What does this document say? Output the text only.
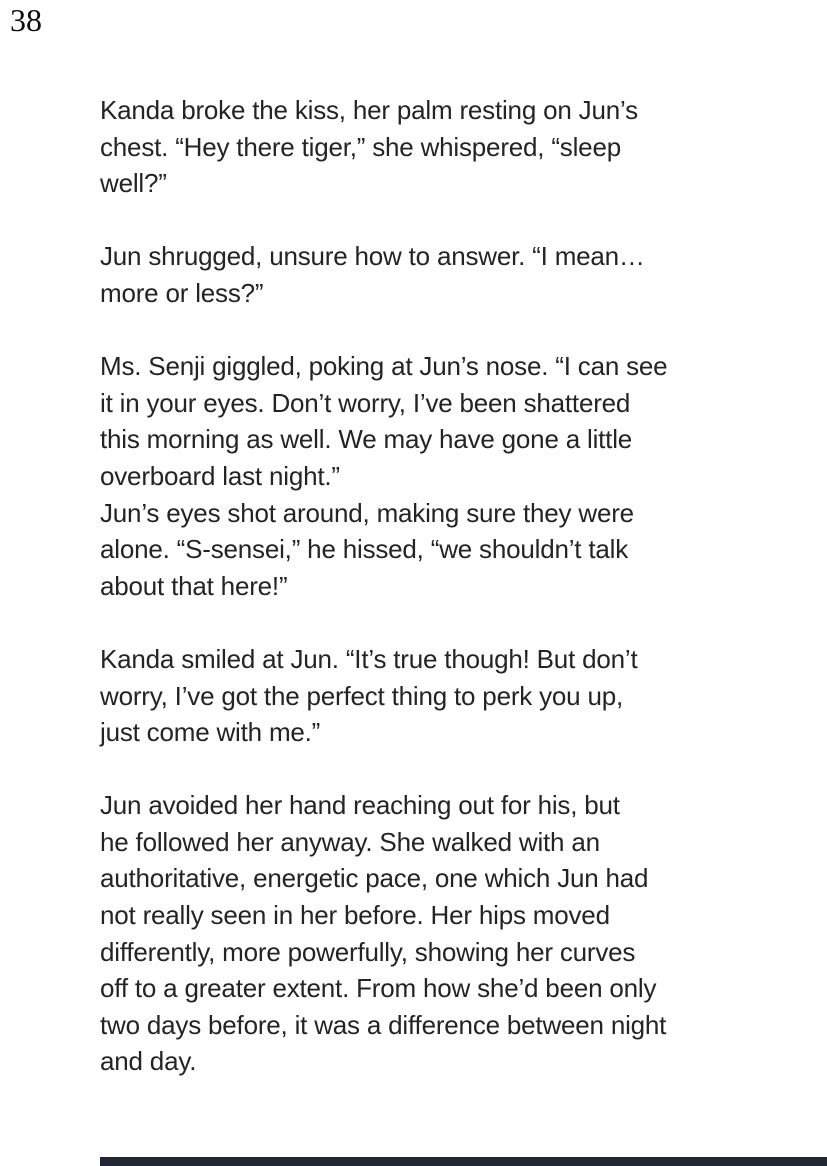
38

Kanda broke the kiss, her palm resting on Jun’s
chest. “Hey there tiger,” she whispered, “sleep
well?”

Jun shrugged, unsure how to answer. “I mean…
more or less?”

Ms. Senji giggled, poking at Jun’s nose. “I can see
it in your eyes. Don’t worry, I’ve been shattered
this morning as well. We may have gone a little
overboard last night.”
Jun’s eyes shot around, making sure they were
alone. “S-sensei,” he hissed, “we shouldn’t talk
about that here!”

Kanda smiled at Jun. “It’s true though! But don’t
worry, I’ve got the perfect thing to perk you up,
just come with me.”

Jun avoided her hand reaching out for his, but
he followed her anyway. She walked with an
authoritative, energetic pace, one which Jun had
not really seen in her before. Her hips moved
differently, more powerfully, showing her curves
off to a greater extent. From how she’d been only
two days before, it was a difference between night
and day.
